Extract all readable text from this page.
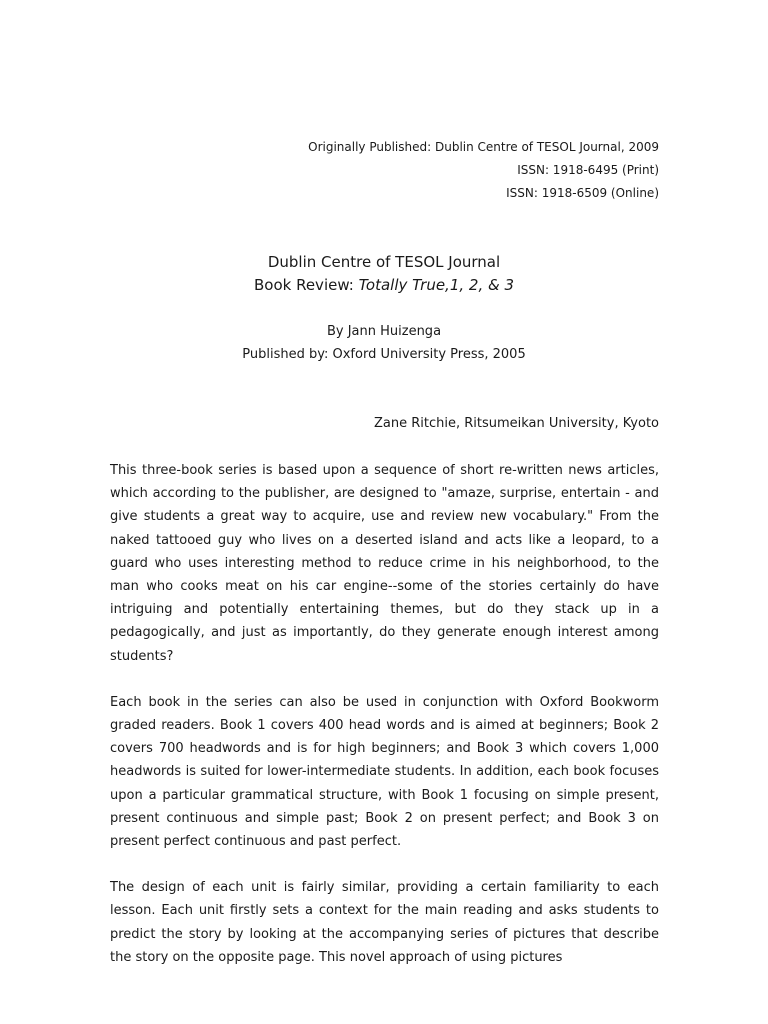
Originally Published: Dublin Centre of TESOL Journal, 2009
ISSN: 1918-6495 (Print)
ISSN: 1918-6509 (Online)
Dublin Centre of TESOL Journal
Book Review: Totally True,1, 2, & 3
By Jann Huizenga
Published by: Oxford University Press, 2005
Zane Ritchie, Ritsumeikan University, Kyoto

This three-book series is based upon a sequence of short re-written news articles, which according to the publisher, are designed to "amaze, surprise, entertain - and give students a great way to acquire, use and review new vocabulary." From the naked tattooed guy who lives on a deserted island and acts like a leopard, to a guard who uses interesting method to reduce crime in his neighborhood, to the man who cooks meat on his car engine--some of the stories certainly do have intriguing and potentially entertaining themes, but do they stack up in a pedagogically, and just as importantly, do they generate enough interest among students?

Each book in the series can also be used in conjunction with Oxford Bookworm graded readers. Book 1 covers 400 head words and is aimed at beginners; Book 2 covers 700 headwords and is for high beginners; and Book 3 which covers 1,000 headwords is suited for lower-intermediate students. In addition, each book focuses upon a particular grammatical structure, with Book 1 focusing on simple present, present continuous and simple past; Book 2 on present perfect; and Book 3 on present perfect continuous and past perfect.

The design of each unit is fairly similar, providing a certain familiarity to each lesson. Each unit firstly sets a context for the main reading and asks students to predict the story by looking at the accompanying series of pictures that describe the story on the opposite page. This novel approach of using pictures
